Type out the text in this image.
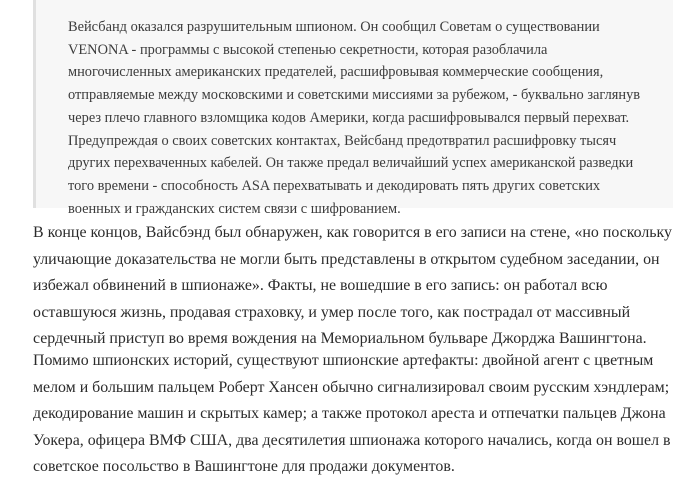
Вейсбанд оказался разрушительным шпионом. Он сообщил Советам о существовании VENONA - программы с высокой степенью секретности, которая разоблачила многочисленных американских предателей, расшифровывая коммерческие сообщения, отправляемые между московскими и советскими миссиями за рубежом, - буквально заглянув через плечо главного взломщика кодов Америки, когда расшифровывался первый перехват. Предупреждая о своих советских контактах, Вейсбанд предотвратил расшифровку тысяч других перехваченных кабелей. Он также предал величайший успех американской разведки того времени - способность ASA перехватывать и декодировать пять других советских военных и гражданских систем связи с шифрованием.

В конце концов, Вайсбэнд был обнаружен, как говорится в его записи на стене, «но поскольку уличающие доказательства не могли быть представлены в открытом судебном заседании, он избежал обвинений в шпионаже». Факты, не вошедшие в его запись: он работал всю оставшуюся жизнь, продавая страховку, и умер после того, как пострадал от массивный сердечный приступ во время вождения на Мемориальном бульваре Джорджа Вашингтона.

Помимо шпионских историй, существуют шпионские артефакты: двойной агент с цветным мелом и большим пальцем Роберт Хансен обычно сигнализировал своим русским хэндлерам; декодирование машин и скрытых камер; а также протокол ареста и отпечатки пальцев Джона Уокера, офицера ВМФ США, два десятилетия шпионажа которого начались, когда он вошел в советское посольство в Вашингтоне для продажи документов.
